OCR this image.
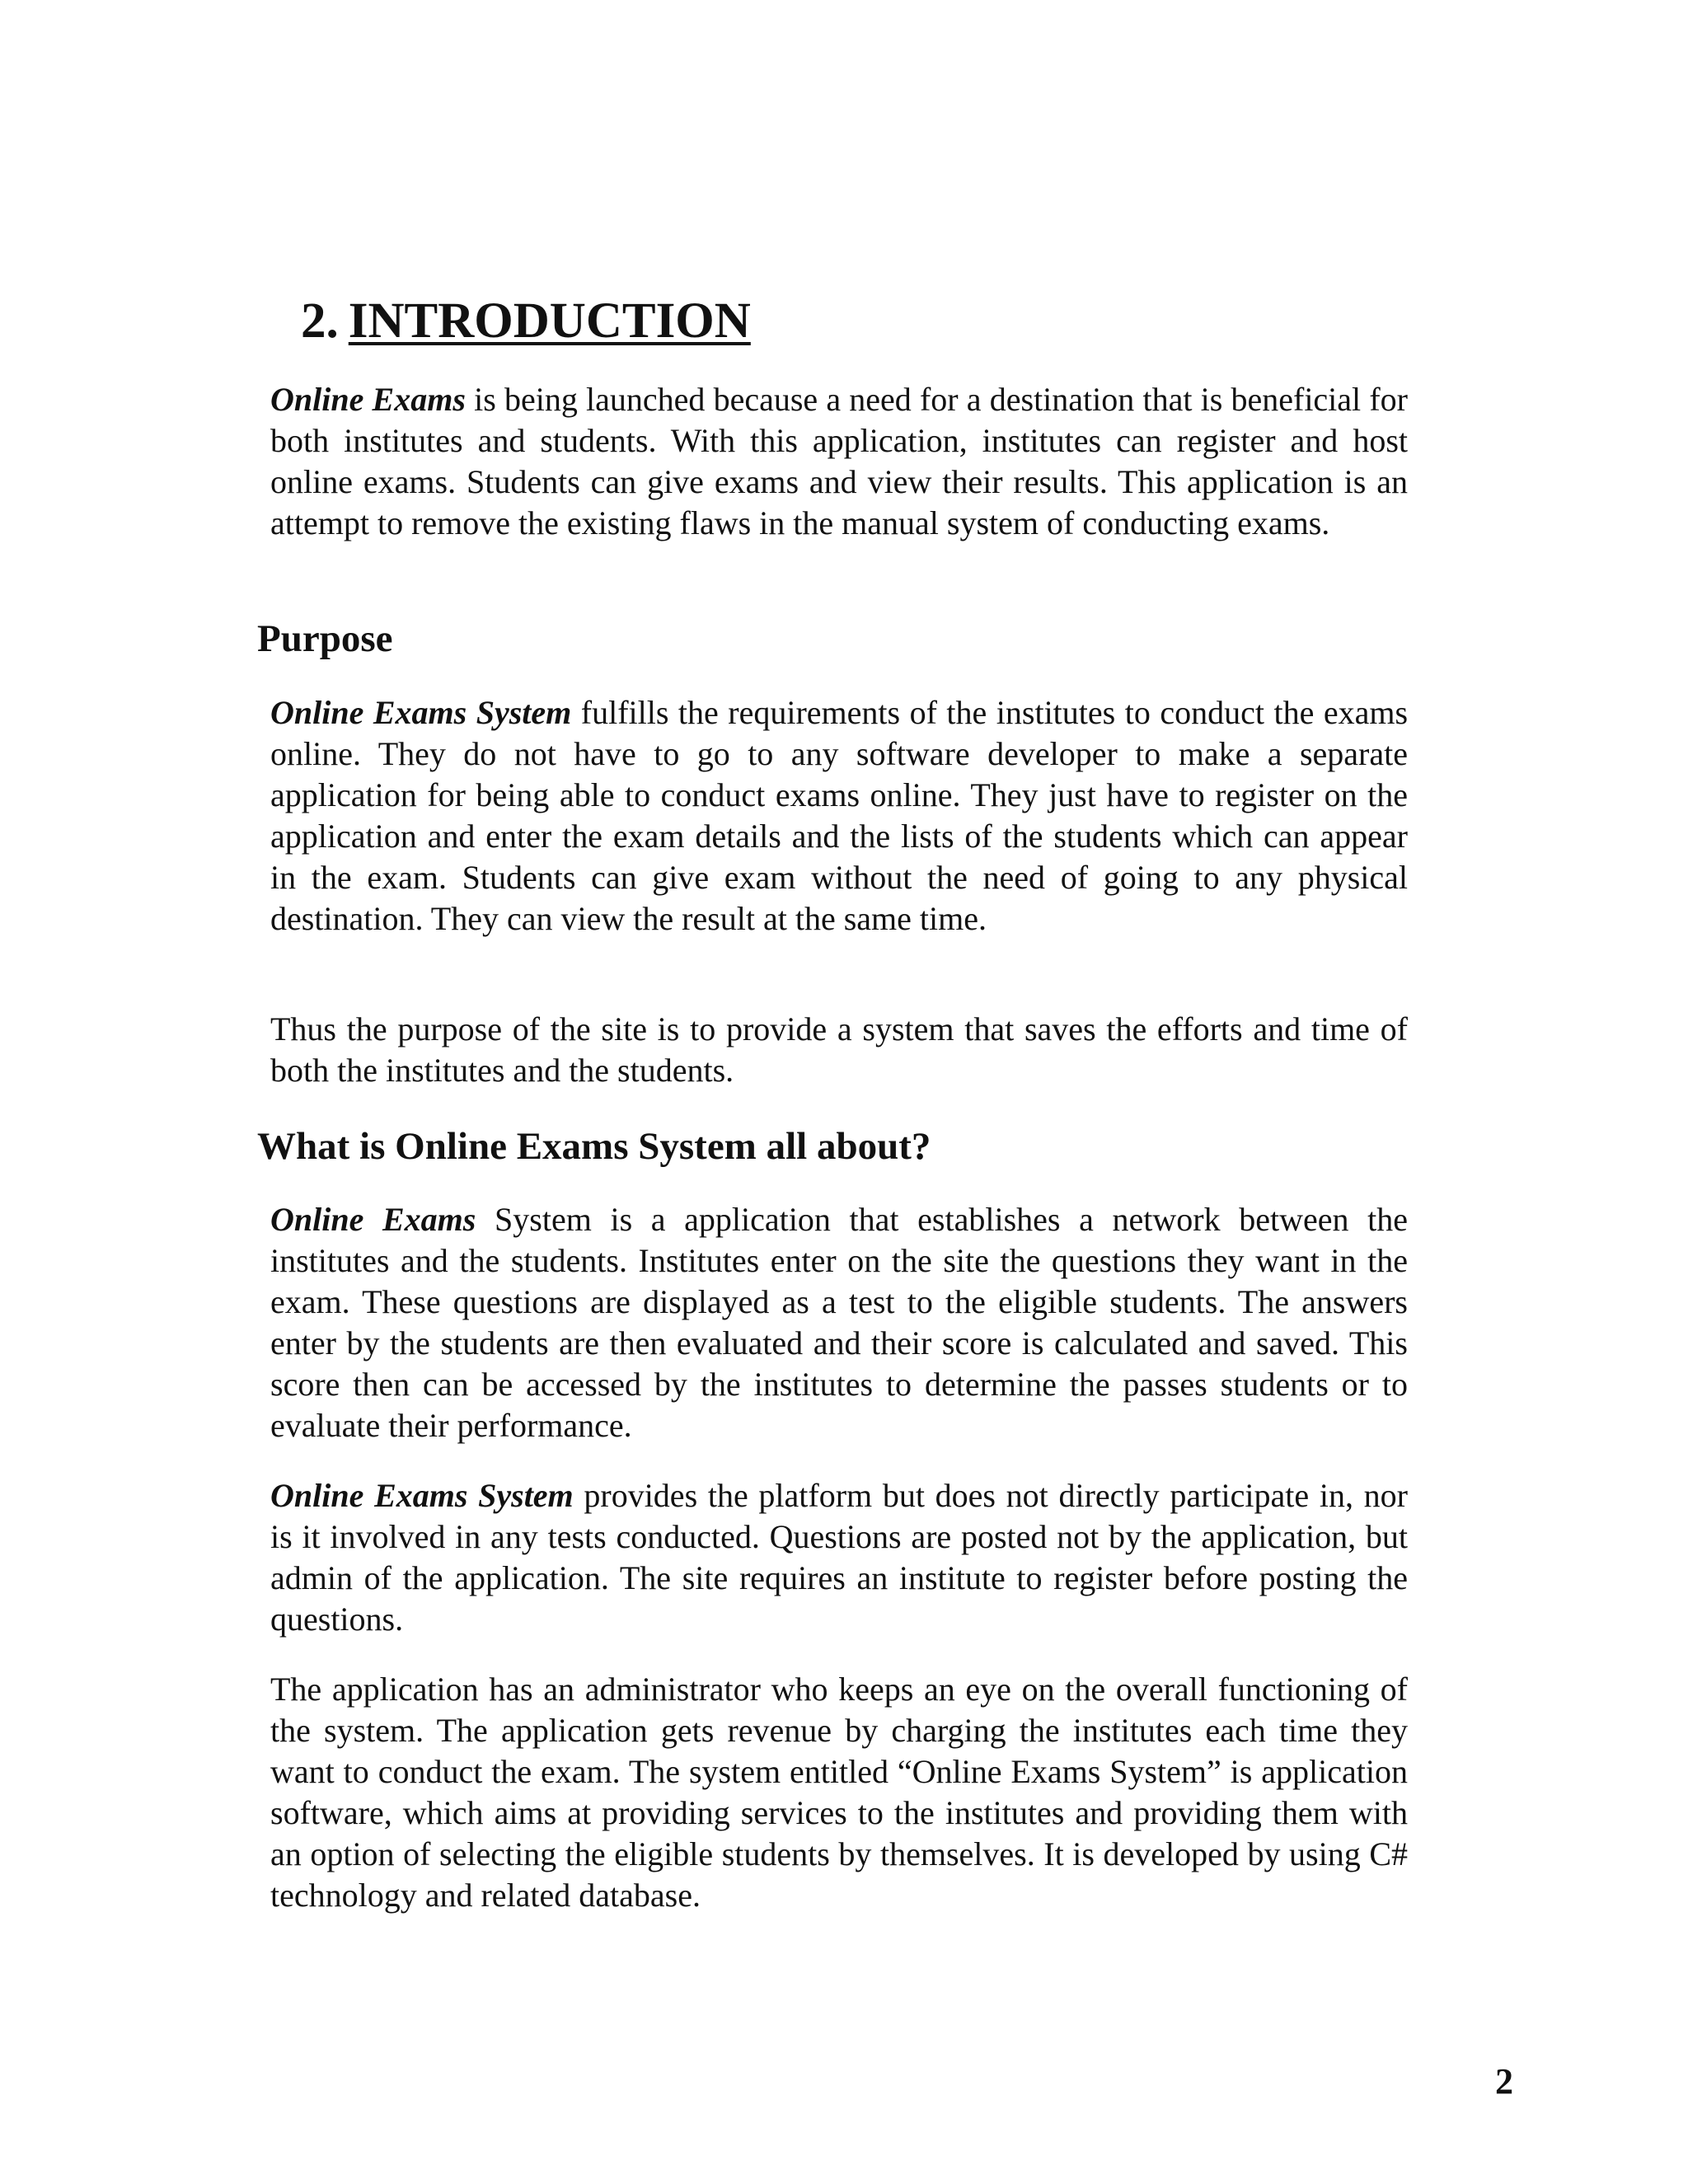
2. INTRODUCTION

Online Exams is being launched because a need for a destination that is beneficial for both institutes and students. With this application, institutes can register and host online exams. Students can give exams and view their results. This application is an attempt to remove the existing flaws in the manual system of conducting exams.

Purpose

Online Exams System fulfills the requirements of the institutes to conduct the exams online. They do not have to go to any software developer to make a separate application for being able to conduct exams online. They just have to register on the application and enter the exam details and the lists of the students which can appear in the exam. Students can give exam without the need of going to any physical destination. They can view the result at the same time.

Thus the purpose of the site is to provide a system that saves the efforts and time of both the institutes and the students.

What is Online Exams System all about?

Online Exams System is a application that establishes a network between the institutes and the students. Institutes enter on the site the questions they want in the exam. These questions are displayed as a test to the eligible students. The answers enter by the students are then evaluated and their score is calculated and saved. This score then can be accessed by the institutes to determine the passes students or to evaluate their performance.

Online Exams System provides the platform but does not directly participate in, nor is it involved in any tests conducted. Questions are posted not by the application, but admin of the application. The site requires an institute to register before posting the questions.

The application has an administrator who keeps an eye on the overall functioning of the system. The application gets revenue by charging the institutes each time they want to conduct the exam. The system entitled “Online Exams System” is application software, which aims at providing services to the institutes and providing them with an option of selecting the eligible students by themselves. It is developed by using C# technology and related database.

2
